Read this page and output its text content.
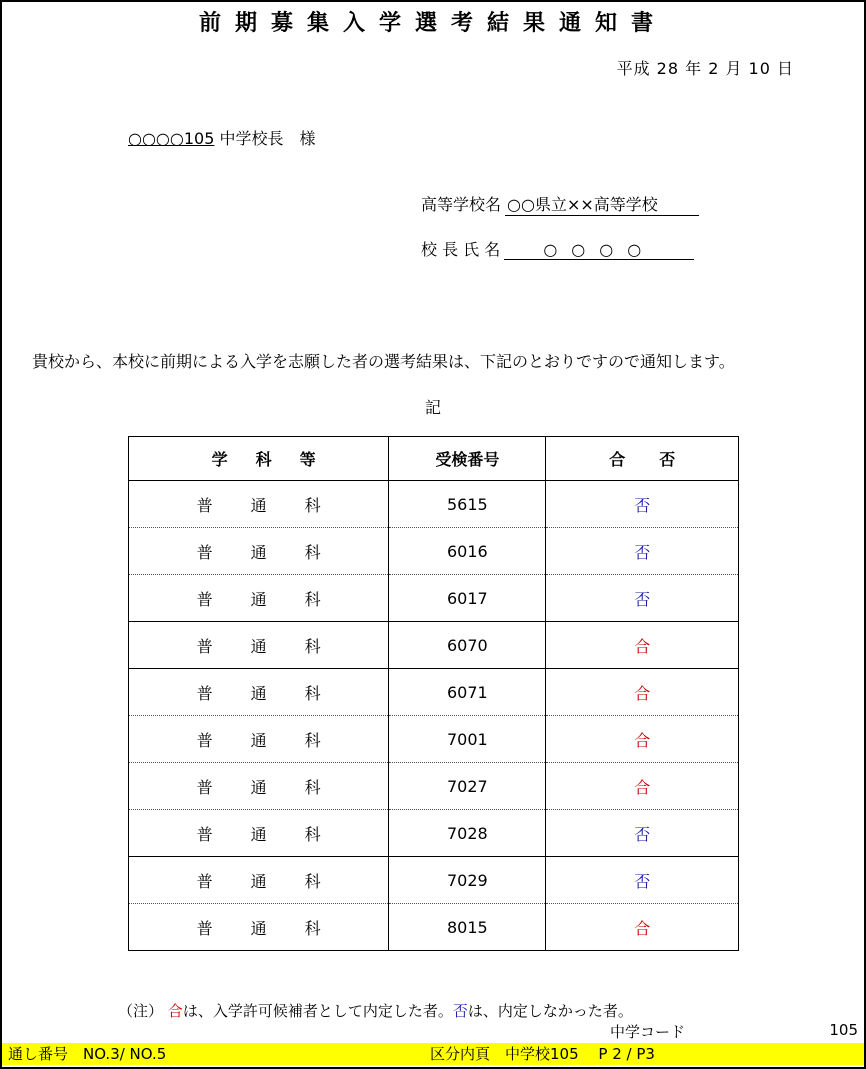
前期募集入学選考結果通知書
平成 28 年 2 月 10 日
○○○○105 中学校長　様
高等学校名 ○○県立××高等学校
校 長 氏 名	○○○○
貴校から、本校に前期による入学を志願した者の選考結果は、下記のとおりですので通知します。
記
学科等	受検番号	合否
普通科	5615	否
普通科	6016	否
普通科	6017	否
普通科	6070	合
普通科	6071	合
普通科	7001	合
普通科	7027	合
普通科	7028	否
普通科	7029	否
普通科	8015	合
（注） 合は、入学許可候補者として内定した者。否は、内定しなかった者。
中学コード	105
通し番号　NO.3/ NO.5	区分内頁　中学校105　 P 2 / P3
